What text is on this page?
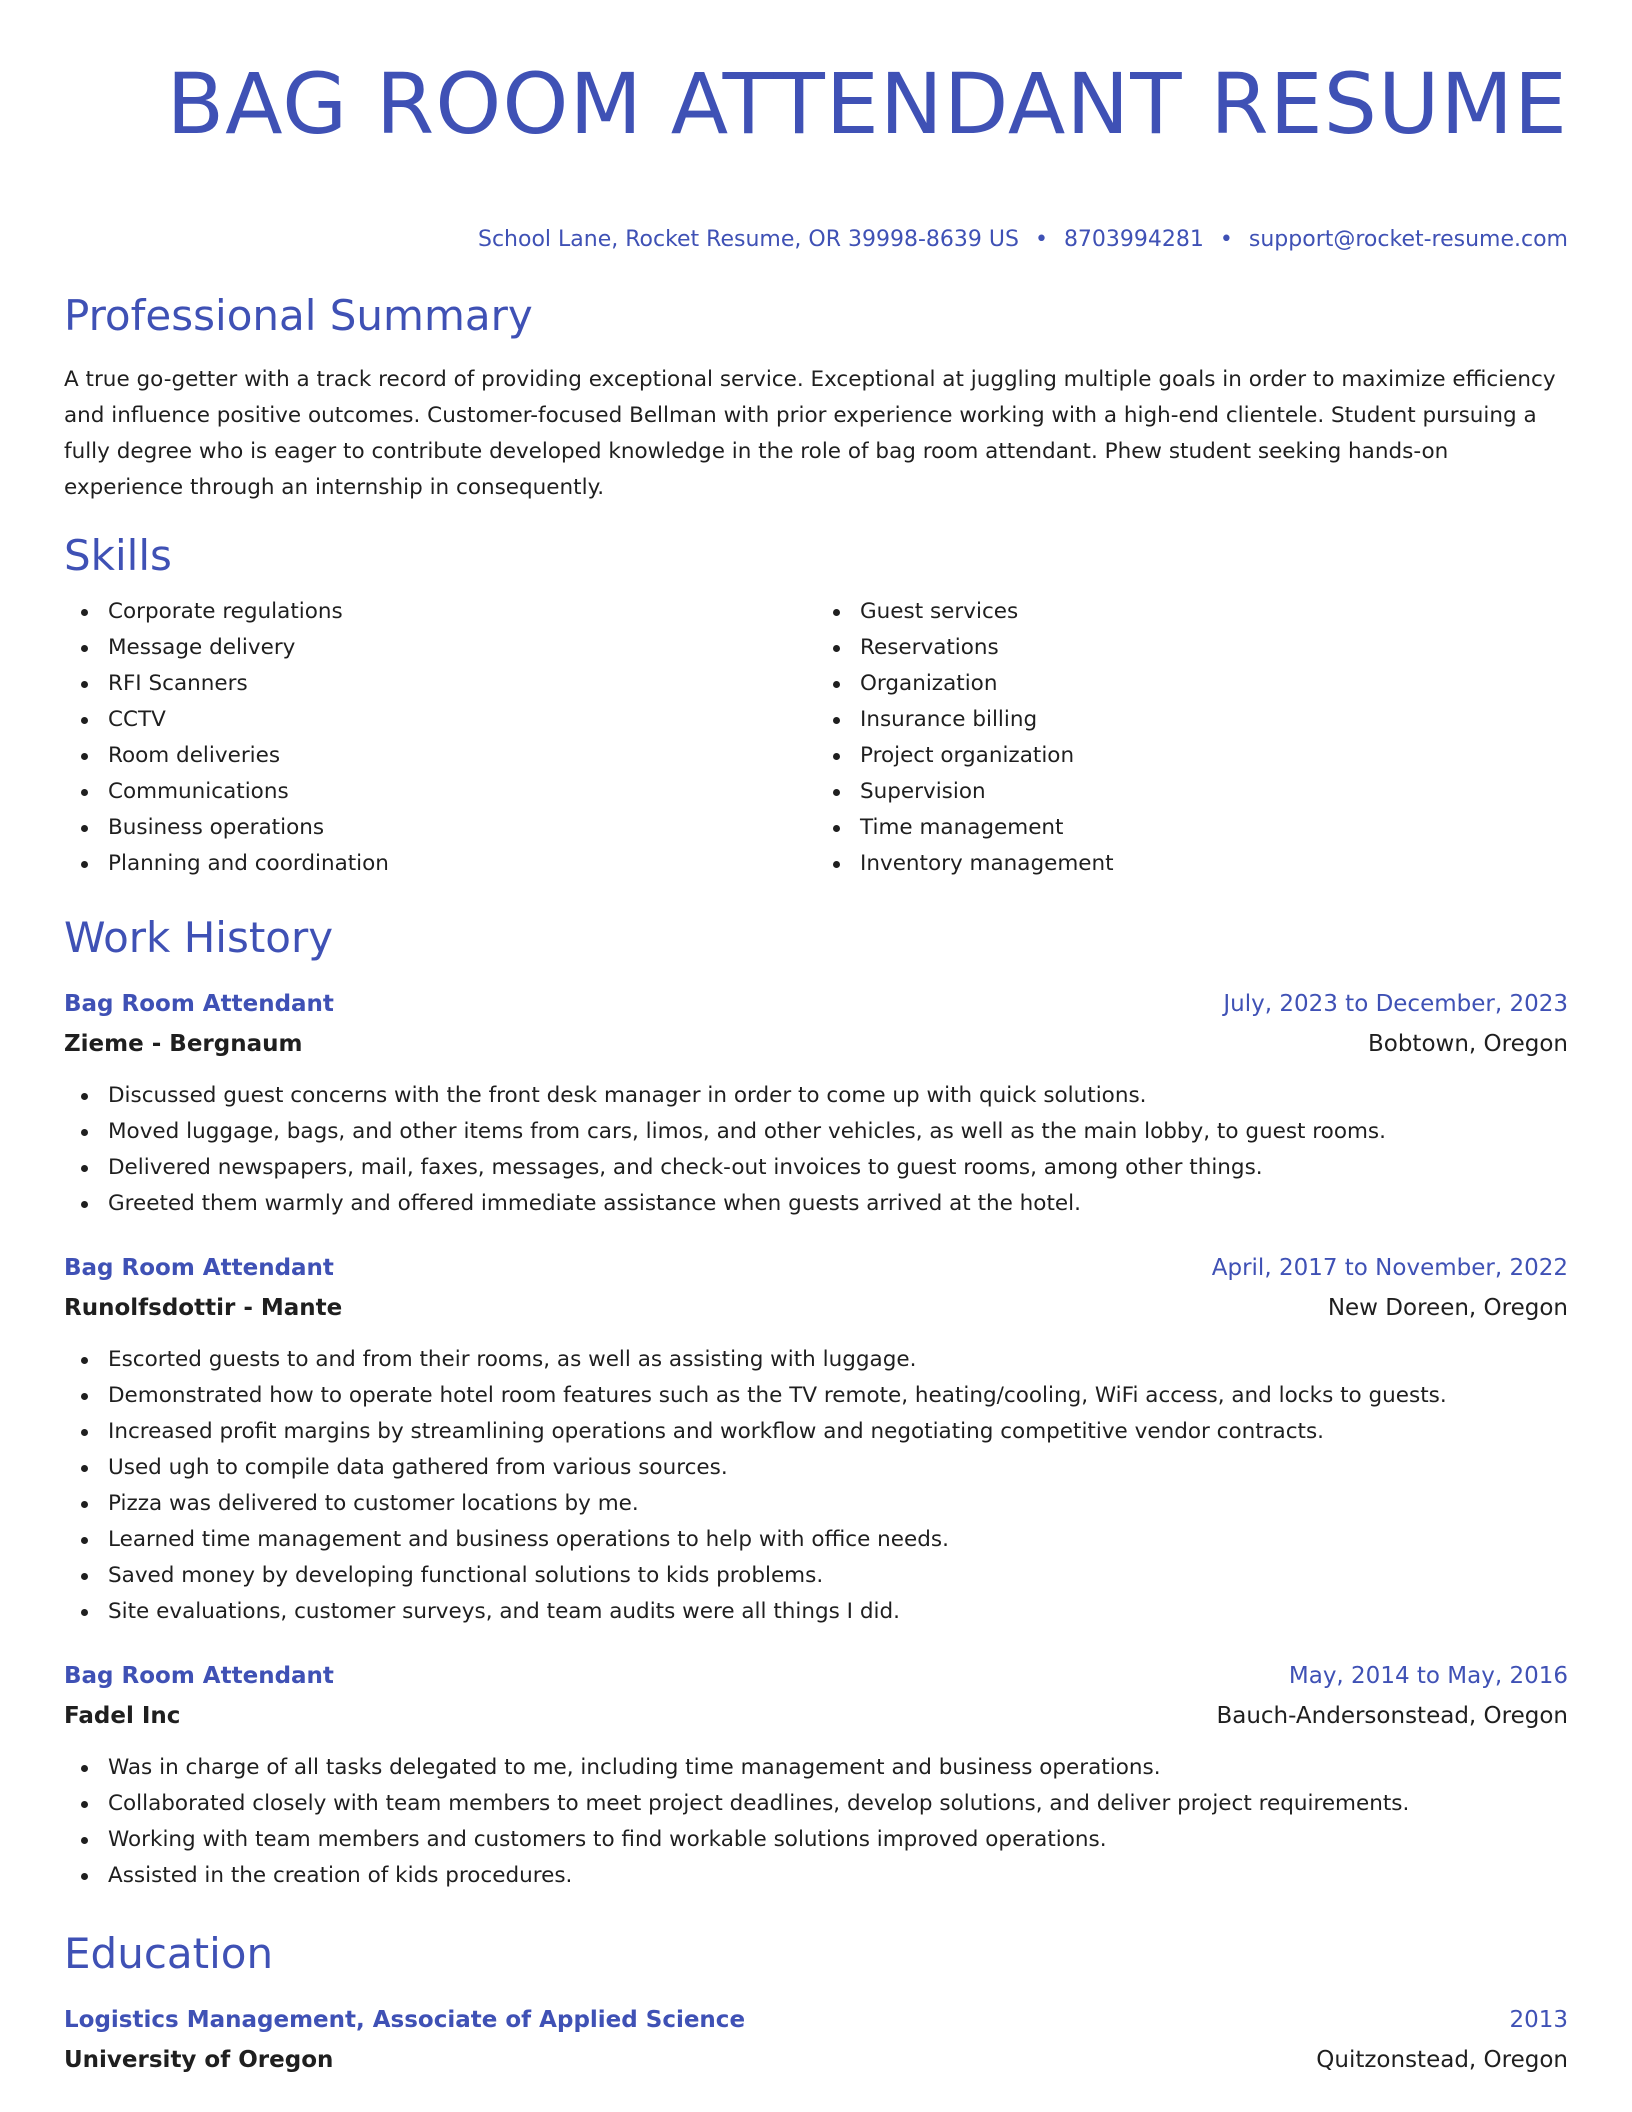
BAG ROOM ATTENDANT RESUME
School Lane, Rocket Resume, OR 39998-8639 US • 8703994281 • support@rocket-resume.com
Professional Summary

A true go-getter with a track record of providing exceptional service. Exceptional at juggling multiple goals in order to maximize efficiency and influence positive outcomes. Customer-focused Bellman with prior experience working with a high-end clientele. Student pursuing a fully degree who is eager to contribute developed knowledge in the role of bag room attendant. Phew student seeking hands-on experience through an internship in consequently.

Skills
Corporate regulations
Message delivery
RFI Scanners
CCTV
Room deliveries
Communications
Business operations
Planning and coordination
Guest services
Reservations
Organization
Insurance billing
Project organization
Supervision
Time management
Inventory management
Work History
Bag Room Attendant	July, 2023 to December, 2023
Zieme - Bergnaum	Bobtown, Oregon
Discussed guest concerns with the front desk manager in order to come up with quick solutions.
Moved luggage, bags, and other items from cars, limos, and other vehicles, as well as the main lobby, to guest rooms.
Delivered newspapers, mail, faxes, messages, and check-out invoices to guest rooms, among other things.
Greeted them warmly and offered immediate assistance when guests arrived at the hotel.
Bag Room Attendant	April, 2017 to November, 2022
Runolfsdottir - Mante	New Doreen, Oregon
Escorted guests to and from their rooms, as well as assisting with luggage.
Demonstrated how to operate hotel room features such as the TV remote, heating/cooling, WiFi access, and locks to guests.
Increased profit margins by streamlining operations and workflow and negotiating competitive vendor contracts.
Used ugh to compile data gathered from various sources.
Pizza was delivered to customer locations by me.
Learned time management and business operations to help with office needs.
Saved money by developing functional solutions to kids problems.
Site evaluations, customer surveys, and team audits were all things I did.
Bag Room Attendant	May, 2014 to May, 2016
Fadel Inc	Bauch-Andersonstead, Oregon
Was in charge of all tasks delegated to me, including time management and business operations.
Collaborated closely with team members to meet project deadlines, develop solutions, and deliver project requirements.
Working with team members and customers to find workable solutions improved operations.
Assisted in the creation of kids procedures.
Education
Logistics Management, Associate of Applied Science	2013
University of Oregon	Quitzonstead, Oregon
